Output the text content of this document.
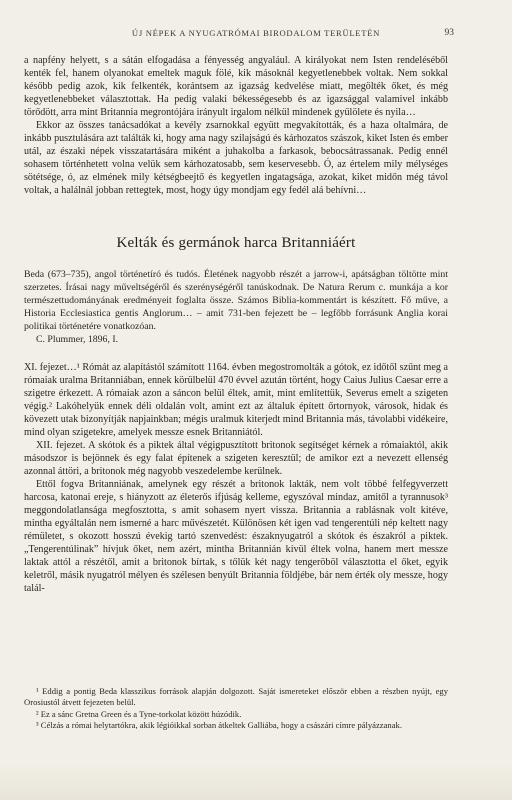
ÚJ NÉPEK A NYUGATRÓMAI BIRODALOM TERÜLETÉN	93

a napfény helyett, s a sátán elfogadása a fényesség angyalául. A királyokat nem Isten rendeléséből kenték fel, hanem olyanokat emeltek maguk fölé, kik másoknál kegyetlenebbek voltak. Nem sokkal később pedig azok, kik felkenték, korántsem az igazság kedvelése miatt, megölték őket, és még kegyetlenebbeket választottak. Ha pedig valaki békességesebb és az igazsággal valamivel inkább törődött, arra mint Britannia megrontójára irányult irgalom nélkül mindenek gyűlölete és nyila…

Ekkor az összes tanácsadókat a kevély zsarnokkal együtt megvakították, és a haza oltalmára, de inkább pusztulására azt találták ki, hogy ama nagy szilajságú és kárhozatos szászok, kiket Isten és ember utál, az északi népek visszatartására miként a juhakolba a farkasok, bebocsátrassanak. Pedig ennél sohasem történhetett volna velük sem kárhozatosabb, sem keservesebb. Ó, az értelem mily mélységes sötétsége, ó, az elmének mily kétségbeejtő és kegyetlen ingatagsága, azokat, kiket midőn még távol voltak, a halálnál jobban rettegtek, most, hogy úgy mondjam egy fedél alá behívni…

Kelták és germánok harca Britanniáért

Beda (673–735), angol történetíró és tudós. Életének nagyobb részét a jarrow-i, apátságban töltötte mint szerzetes. Írásai nagy műveltségéről és szerénységéről tanúskodnak. De Natura Rerum c. munkája a kor természettudományának eredményeit foglalta össze. Számos Biblia-kommentárt is készített. Fő műve, a Historia Ecclesiastica gentis Anglorum… – amit 731-ben fejezett be – legfőbb forrásunk Anglia korai politikai történetére vonatkozóan.

C. Plummer, 1896, I.

XI. fejezet…¹ Rómát az alapítástól számított 1164. évben megostromolták a gótok, ez időtől szűnt meg a rómaiak uralma Britanniában, ennek körülbelül 470 évvel azután történt, hogy Caius Julius Caesar erre a szigetre érkezett. A rómaiak azon a sáncon belül éltek, amit, mint említettük, Severus emelt a szigeten végig.² Lakóhelyük ennek déli oldalán volt, amint ezt az általuk épített őrtornyok, városok, hidak és kövezett utak bizonyítják napjainkban; mégis uralmuk kiterjedt mind Britannia más, távolabbi vidékeire, mind olyan szigetekre, amelyek messze esnek Britanniától.

XII. fejezet. A skótok és a piktek által végigpusztított britonok segítséget kérnek a rómaiaktól, akik másodszor is bejönnek és egy falat építenek a szigeten keresztül; de amikor ezt a nevezett ellenség azonnal áttöri, a britonok még nagyobb veszedelembe kerülnek.

Ettől fogva Britanniának, amelynek egy részét a britonok lakták, nem volt többé felfegyverzett harcosa, katonai ereje, s hiányzott az életerős ifjúság kelleme, egyszóval mindaz, amitől a tyrannusok³ meggondolatlansága megfosztotta, s amit sohasem nyert vissza. Britannia a rablásnak volt kitéve, mintha egyáltalán nem ismerné a harc művészetét. Különösen két igen vad tengerentúli nép keltett nagy rémületet, s okozott hosszú évekig tartó szenvedést: északnyugatról a skótok és északról a piktek. „Tengerentúlinak” hívjuk őket, nem azért, mintha Britannián kívül éltek volna, hanem mert messze laktak attól a részétől, amit a britonok bírtak, s tőlük két nagy tengeröböl választotta el őket, egyik keletről, másik nyugatról mélyen és szélesen benyúlt Britannia földjébe, bár nem érték oly messze, hogy talál-

¹ Eddig a pontig Beda klasszikus források alapján dolgozott. Saját ismereteket először ebben a részben nyújt, egy Orosiustól átvett fejezeten belül.

² Ez a sánc Gretna Green és a Tyne-torkolat között húzódik.

³ Célzás a római helytartókra, akik légióikkal sorban átkeltek Galliába, hogy a császári címre pályázzanak.
